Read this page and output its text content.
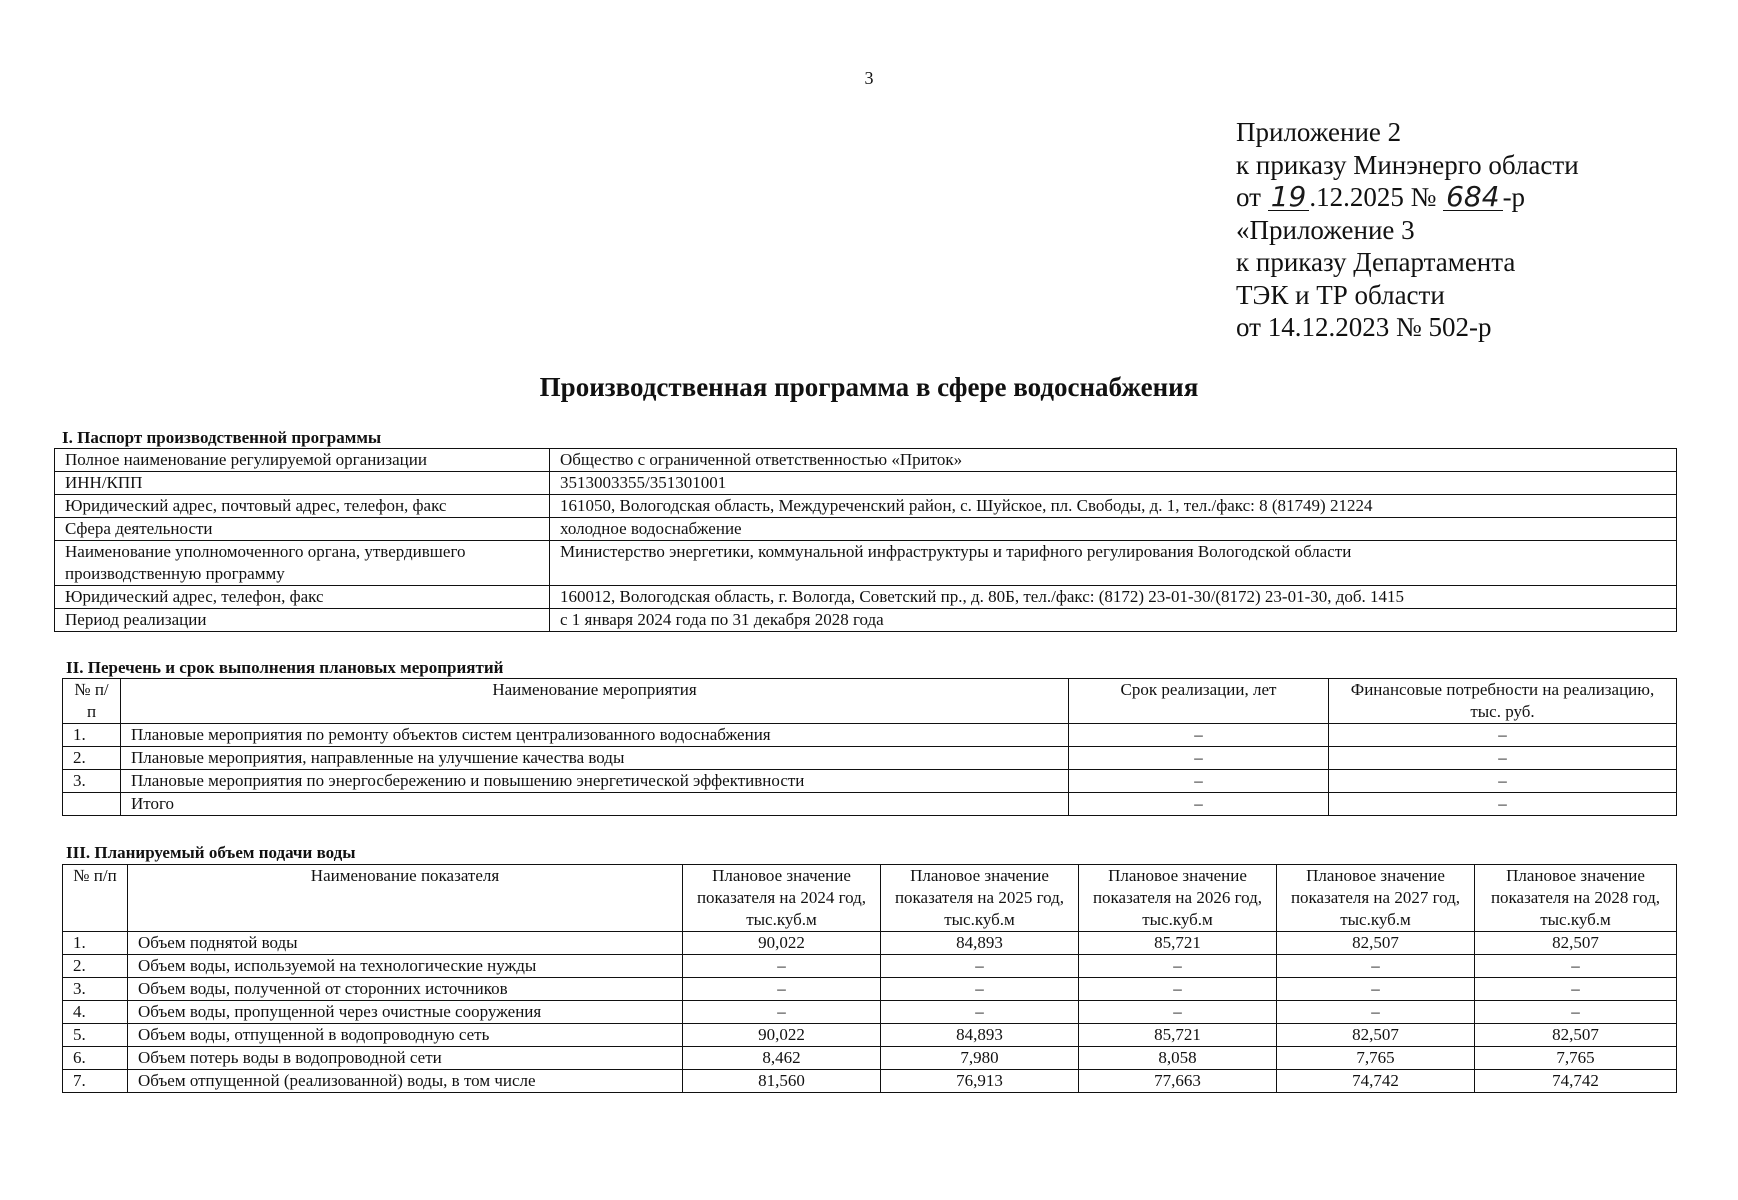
3
Приложение 2
к приказу Минэнерго области
от 19 .12.2025 № 684 -р
«Приложение 3
к приказу Департамента
ТЭК и ТР области
от 14.12.2023 № 502-р
Производственная программа в сфере водоснабжения
I. Паспорт производственной программы
Полное наименование регулируемой организации	Общество с ограниченной ответственностью «Приток»
ИНН/КПП	3513003355/351301001
Юридический адрес, почтовый адрес, телефон, факс	161050, Вологодская область, Междуреченский район, с. Шуйское, пл. Свободы, д. 1, тел./факс: 8 (81749) 21224
Сфера деятельности	холодное водоснабжение
Наименование уполномоченного органа, утвердившего производственную программу	Министерство энергетики, коммунальной инфраструктуры и тарифного регулирования Вологодской области
Юридический адрес, телефон, факс	160012, Вологодская область, г. Вологда, Советский пр., д. 80Б, тел./факс: (8172) 23-01-30/(8172) 23-01-30, доб. 1415
Период реализации	с 1 января 2024 года по 31 декабря 2028 года
II. Перечень и срок выполнения плановых мероприятий
№ п/п	Наименование мероприятия	Срок реализации, лет	Финансовые потребности на реализацию, тыс. руб.
1.	Плановые мероприятия по ремонту объектов систем централизованного водоснабжения	–	–
2.	Плановые мероприятия, направленные на улучшение качества воды	–	–
3.	Плановые мероприятия по энергосбережению и повышению энергетической эффективности	–	–
	Итого	–	–
III. Планируемый объем подачи воды
№ п/п	Наименование показателя	Плановое значение показателя на 2024 год, тыс.куб.м	Плановое значение показателя на 2025 год, тыс.куб.м	Плановое значение показателя на 2026 год, тыс.куб.м	Плановое значение показателя на 2027 год, тыс.куб.м	Плановое значение показателя на 2028 год, тыс.куб.м
1.	Объем поднятой воды	90,022	84,893	85,721	82,507	82,507
2.	Объем воды, используемой на технологические нужды	–	–	–	–	–
3.	Объем воды, полученной от сторонних источников	–	–	–	–	–
4.	Объем воды, пропущенной через очистные сооружения	–	–	–	–	–
5.	Объем воды, отпущенной в водопроводную сеть	90,022	84,893	85,721	82,507	82,507
6.	Объем потерь воды в водопроводной сети	8,462	7,980	8,058	7,765	7,765
7.	Объем отпущенной (реализованной) воды, в том числе	81,560	76,913	77,663	74,742	74,742
